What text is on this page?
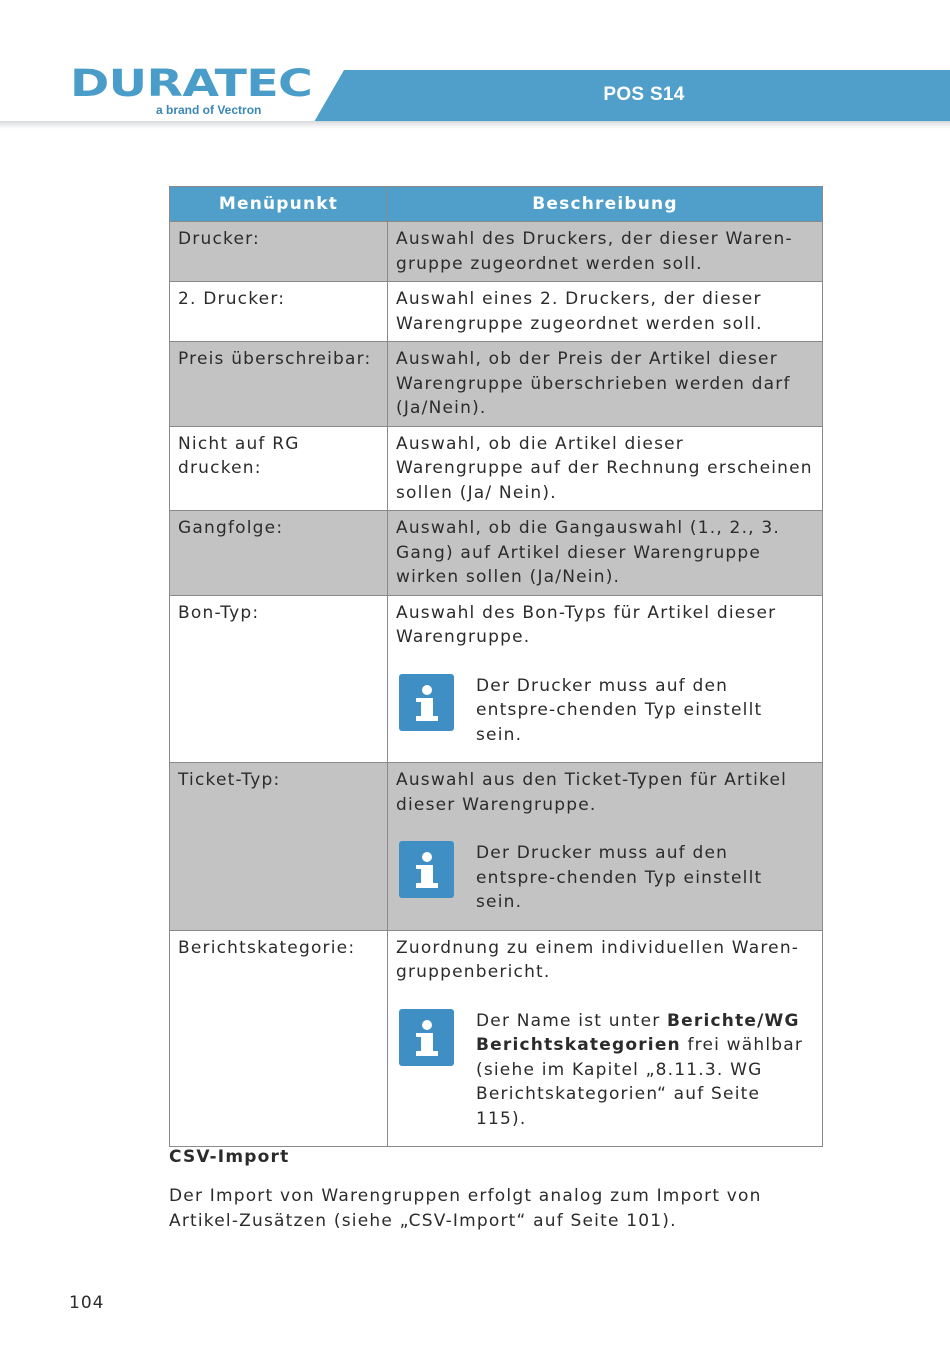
DURATEC
a brand of Vectron
POS S14
Menüpunkt	Beschreibung
Drucker:	Auswahl des Druckers, der dieser Waren-gruppe zugeordnet werden soll.
2. Drucker:	Auswahl eines 2. Druckers, der dieser Warengruppe zugeordnet werden soll.
Preis überschreibar:	Auswahl, ob der Preis der Artikel dieser Warengruppe überschrieben werden darf (Ja/Nein).
Nicht auf RG drucken:	Auswahl, ob die Artikel dieser Warengruppe auf der Rechnung erscheinen sollen (Ja/ Nein).
Gangfolge:	Auswahl, ob die Gangauswahl (1., 2., 3. Gang) auf Artikel dieser Warengruppe wirken sollen (Ja/Nein).
Bon-Typ:	Auswahl des Bon-Typs für Artikel dieser Warengruppe.
Der Drucker muss auf den entspre-chenden Typ einstellt sein.

Ticket-Typ:	Auswahl aus den Ticket-Typen für Artikel dieser Warengruppe.
Der Drucker muss auf den entspre-chenden Typ einstellt sein.

Berichtskategorie:	Zuordnung zu einem individuellen Waren-gruppenbericht.
Der Name ist unter Berichte/WG Berichtskategorien frei wählbar (siehe im Kapitel „8.11.3. WG Berichtskategorien“ auf Seite 115).
CSV-Import

Der Import von Warengruppen erfolgt analog zum Import von Artikel-Zusätzen (siehe „CSV-Import“ auf Seite 101).

104
